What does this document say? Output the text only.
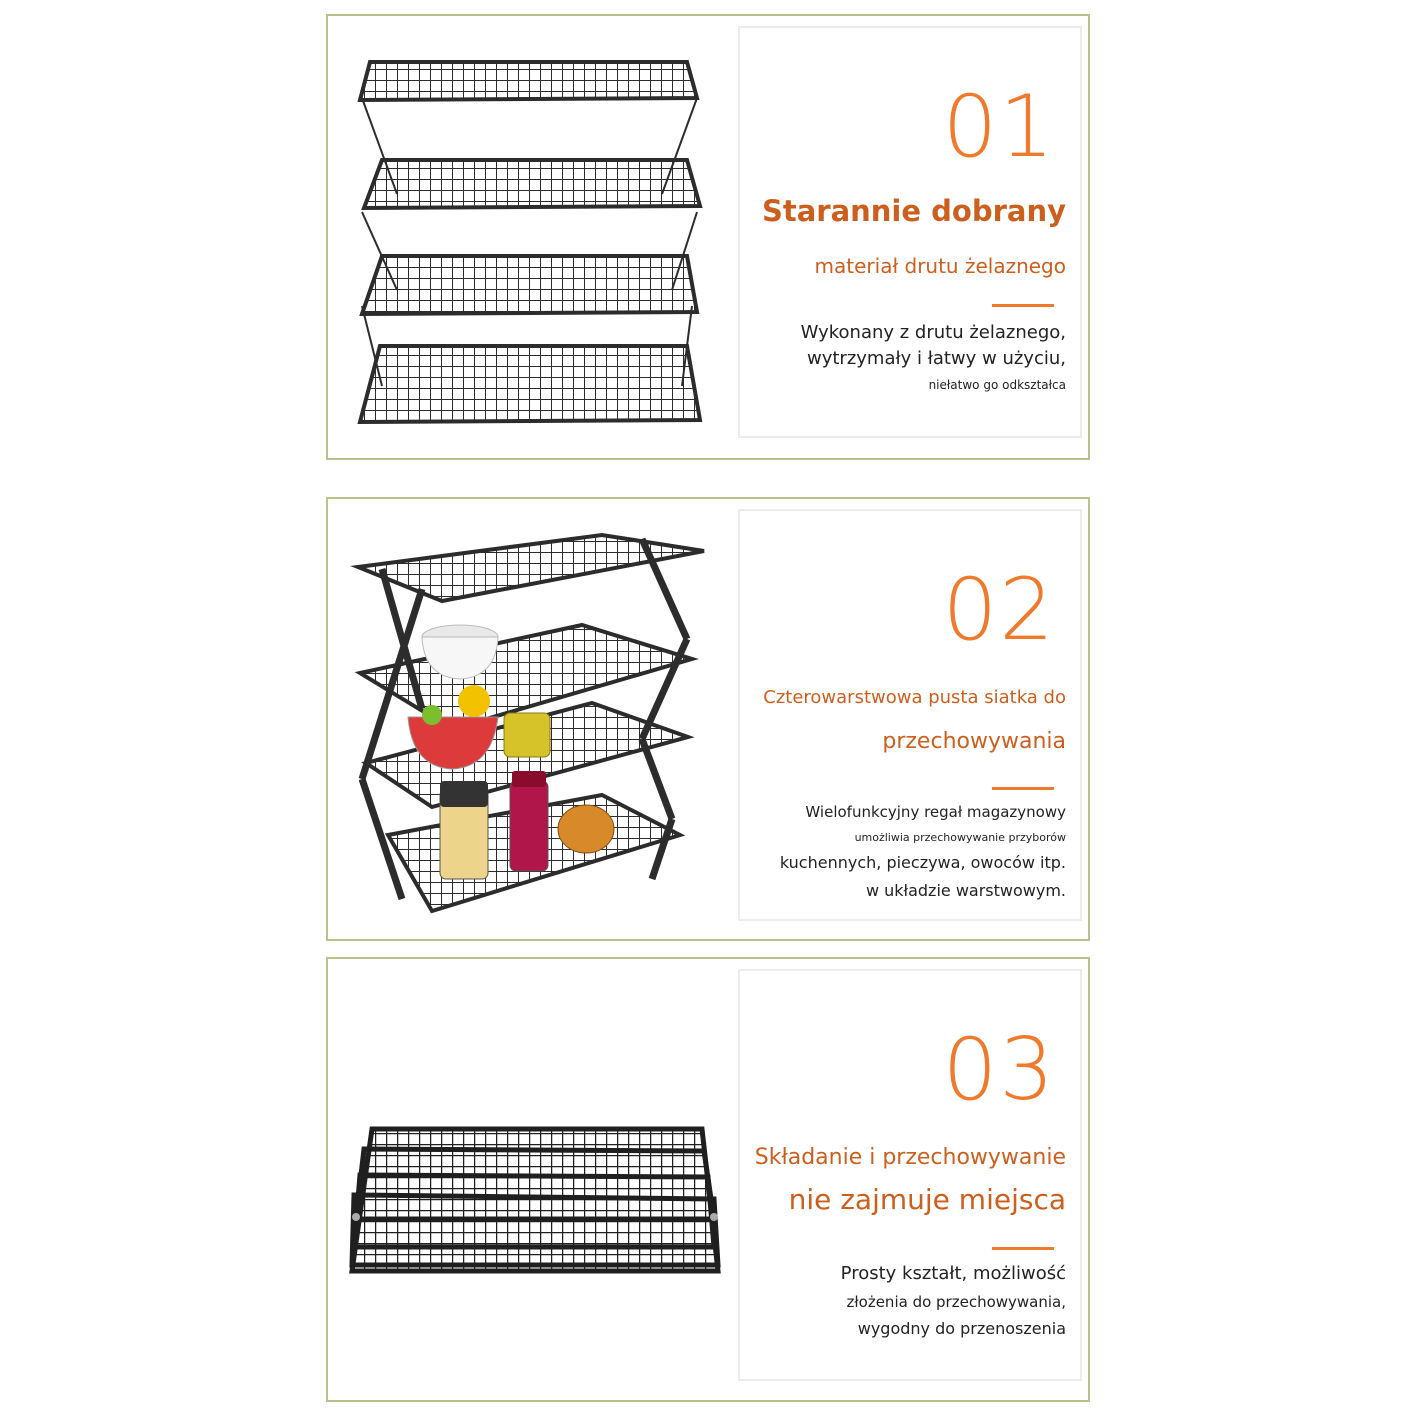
01
Starannie dobrany
materiał drutu żelaznego
Wykonany z drutu żelaznego,
wytrzymały i łatwy w użyciu,
niełatwo go odkształca
02
Czterowarstwowa pusta siatka do
przechowywania
Wielofunkcyjny regał magazynowy
umożliwia przechowywanie przyborów
kuchennych, pieczywa, owoców itp.
w układzie warstwowym.
03
Składanie i przechowywanie
nie zajmuje miejsca
Prosty kształt, możliwość
złożenia do przechowywania,
wygodny do przenoszenia
